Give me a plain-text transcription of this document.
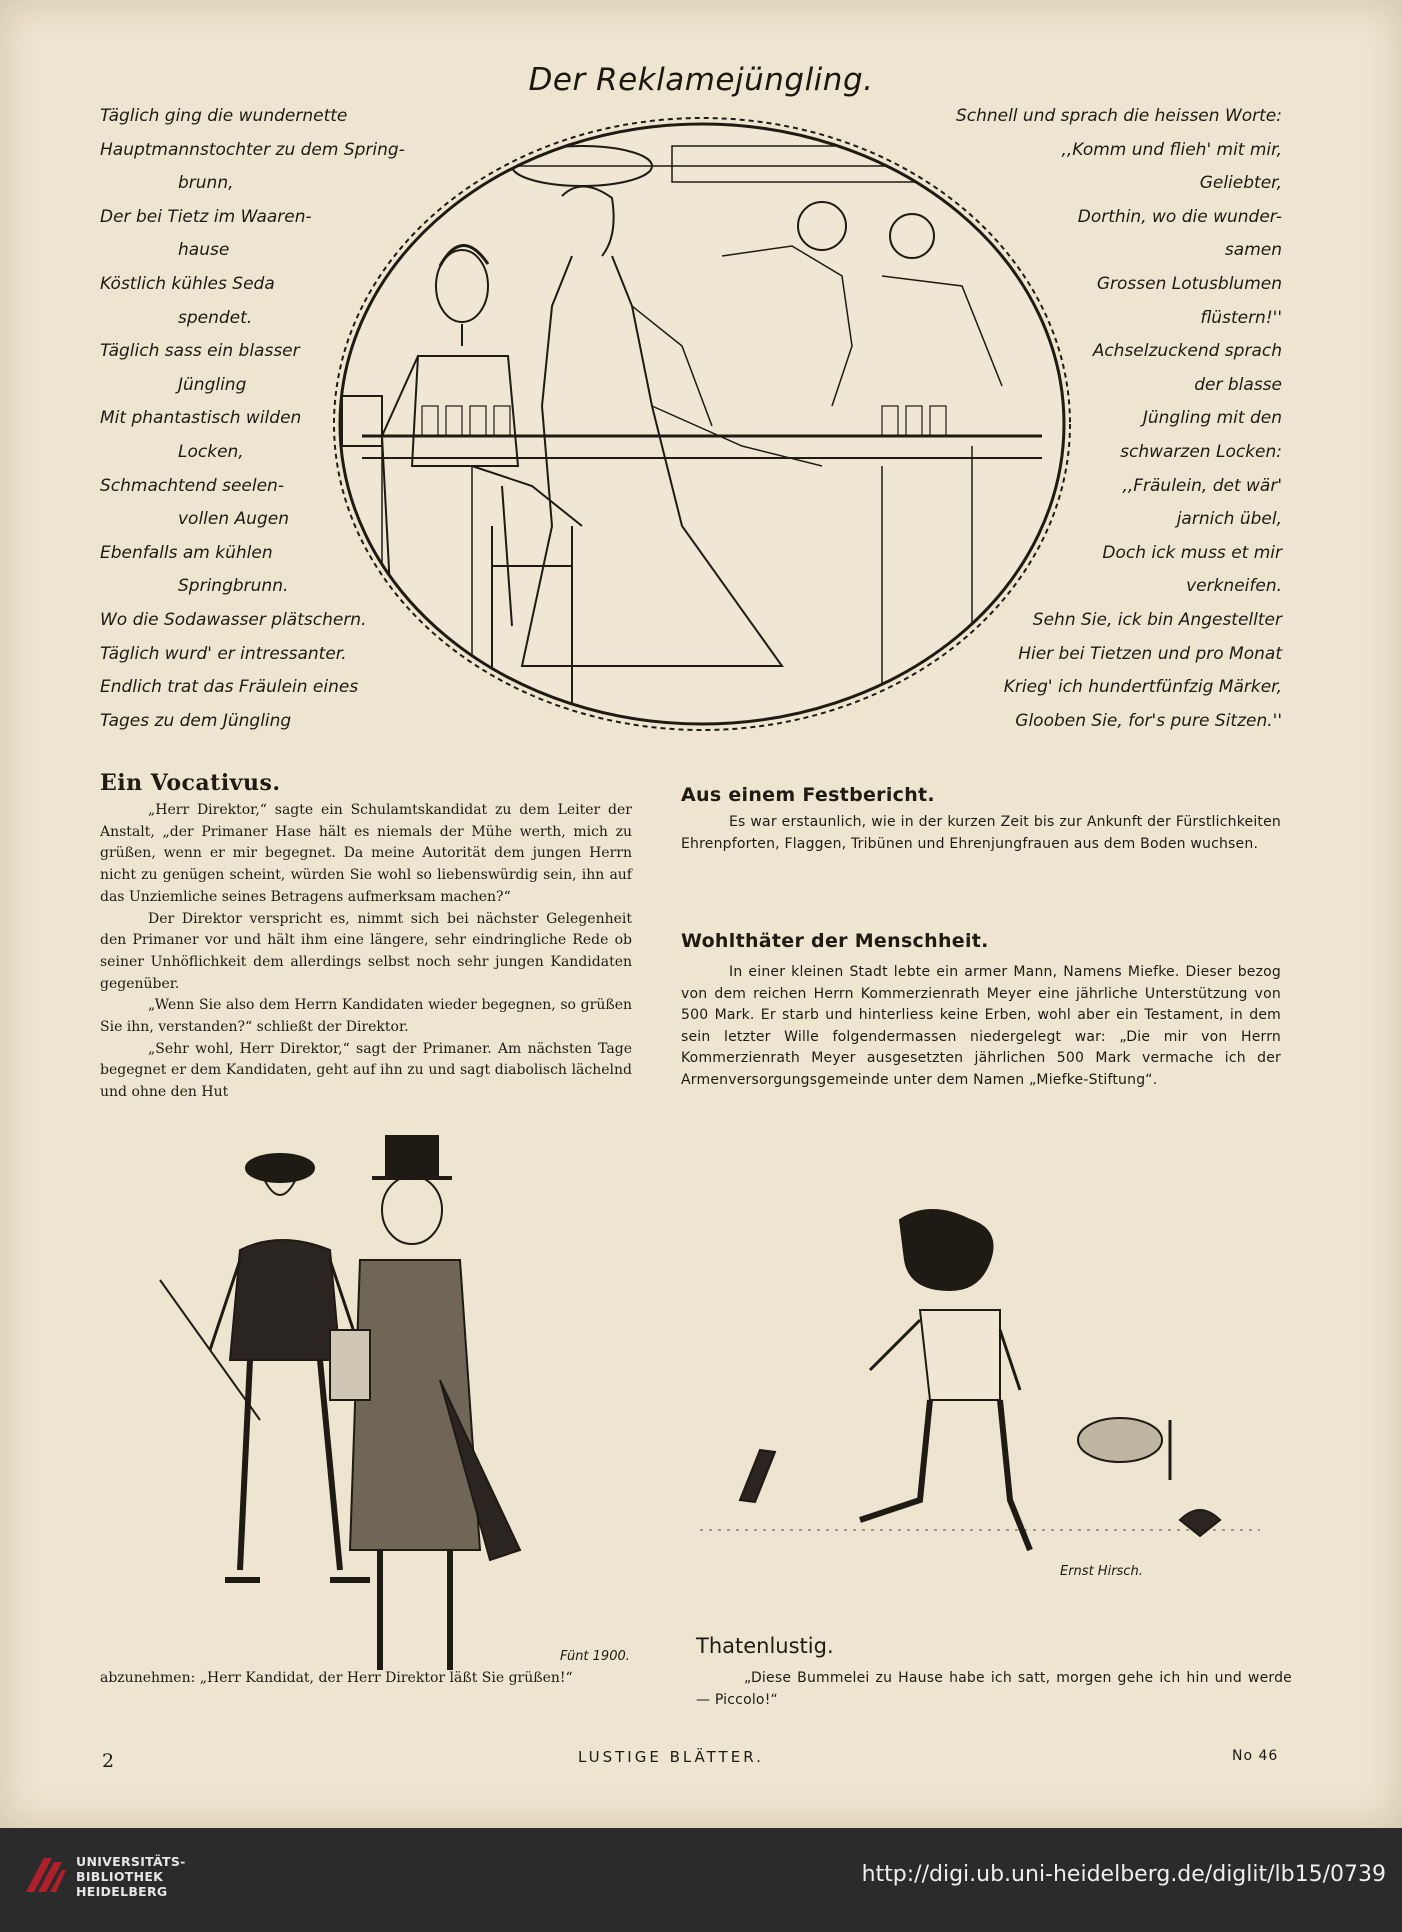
Der Reklamejüngling.
Täglich ging die wundernette
Hauptmannstochter zu dem Spring-
brunn,
Der bei Tietz im Waaren-
hause
Köstlich kühles Seda
spendet.
Täglich sass ein blasser
Jüngling
Mit phantastisch wilden
Locken,
Schmachtend seelen-
vollen Augen
Ebenfalls am kühlen
Springbrunn.
Wo die Sodawasser plätschern.
Täglich wurd' er intressanter.
Endlich trat das Fräulein eines
Tages zu dem Jüngling
Schnell und sprach die heissen Worte:
,,Komm und flieh' mit mir,
Geliebter,
Dorthin, wo die wunder-
samen
Grossen Lotusblumen
flüstern!''
Achselzuckend sprach
der blasse
Jüngling mit den
schwarzen Locken:
,,Fräulein, det wär'
jarnich übel,
Doch ick muss et mir
verkneifen.
Sehn Sie, ick bin Angestellter
Hier bei Tietzen und pro Monat
Krieg' ich hundertfünfzig Märker,
Glooben Sie, for's pure Sitzen.''
Ein Vocativus.

„Herr Direktor,“ sagte ein Schulamtskandidat zu dem Leiter der Anstalt, „der Primaner Hase hält es niemals der Mühe werth, mich zu grüßen, wenn er mir begegnet. Da meine Autorität dem jungen Herrn nicht zu genügen scheint, würden Sie wohl so liebenswürdig sein, ihn auf das Unziemliche seines Betragens aufmerksam machen?“

Der Direktor verspricht es, nimmt sich bei nächster Gelegenheit den Primaner vor und hält ihm eine längere, sehr eindringliche Rede ob seiner Unhöflichkeit dem allerdings selbst noch sehr jungen Kandidaten gegenüber.

„Wenn Sie also dem Herrn Kandidaten wieder begegnen, so grüßen Sie ihn, verstanden?“ schließt der Direktor.

„Sehr wohl, Herr Direktor,“ sagt der Primaner. Am nächsten Tage begegnet er dem Kandidaten, geht auf ihn zu und sagt diabolisch lächelnd und ohne den Hut

Fünt 1900.

abzunehmen: „Herr Kandidat, der Herr Direktor läßt Sie grüßen!“

Aus einem Festbericht.

Es war erstaunlich, wie in der kurzen Zeit bis zur Ankunft der Fürstlichkeiten Ehrenpforten, Flaggen, Tribünen und Ehrenjungfrauen aus dem Boden wuchsen.

Wohlthäter der Menschheit.

In einer kleinen Stadt lebte ein armer Mann, Namens Miefke. Dieser bezog von dem reichen Herrn Kommerzienrath Meyer eine jährliche Unterstützung von 500 Mark. Er starb und hinterliess keine Erben, wohl aber ein Testament, in dem sein letzter Wille folgendermassen niedergelegt war: „Die mir von Herrn Kommerzienrath Meyer ausgesetzten jährlichen 500 Mark vermache ich der Armenversorgungsgemeinde unter dem Namen „Miefke-Stiftung“.

Ernst Hirsch.
Thatenlustig.

„Diese Bummelei zu Hause habe ich satt, morgen gehe ich hin und werde — Piccolo!“

2	LUSTIGE BLÄTTER.	No 46
UNIVERSITÄTS-
BIBLIOTHEK
HEIDELBERG
http://digi.ub.uni-heidelberg.de/diglit/lb15/0739
